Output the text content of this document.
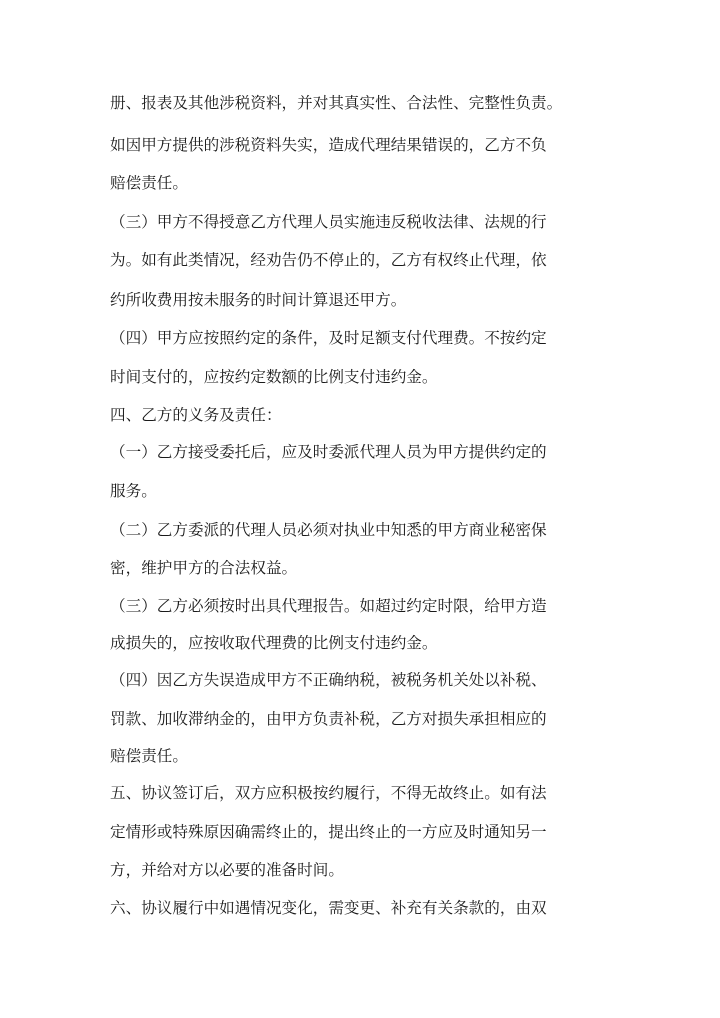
册、报表及其他涉税资料，并对其真实性、合法性、完整性负责。
如因甲方提供的涉税资料失实，造成代理结果错误的，乙方不负
赔偿责任。
（三）甲方不得授意乙方代理人员实施违反税收法律、法规的行
为。如有此类情况，经劝告仍不停止的，乙方有权终止代理，依
约所收费用按未服务的时间计算退还甲方。
（四）甲方应按照约定的条件，及时足额支付代理费。不按约定
时间支付的，应按约定数额的比例支付违约金。
四、乙方的义务及责任：
（一）乙方接受委托后，应及时委派代理人员为甲方提供约定的
服务。
（二）乙方委派的代理人员必须对执业中知悉的甲方商业秘密保
密，维护甲方的合法权益。
（三）乙方必须按时出具代理报告。如超过约定时限，给甲方造
成损失的，应按收取代理费的比例支付违约金。
（四）因乙方失误造成甲方不正确纳税，被税务机关处以补税、
罚款、加收滞纳金的，由甲方负责补税，乙方对损失承担相应的
赔偿责任。
五、协议签订后，双方应积极按约履行，不得无故终止。如有法
定情形或特殊原因确需终止的，提出终止的一方应及时通知另一
方，并给对方以必要的准备时间。
六、协议履行中如遇情况变化，需变更、补充有关条款的，由双
